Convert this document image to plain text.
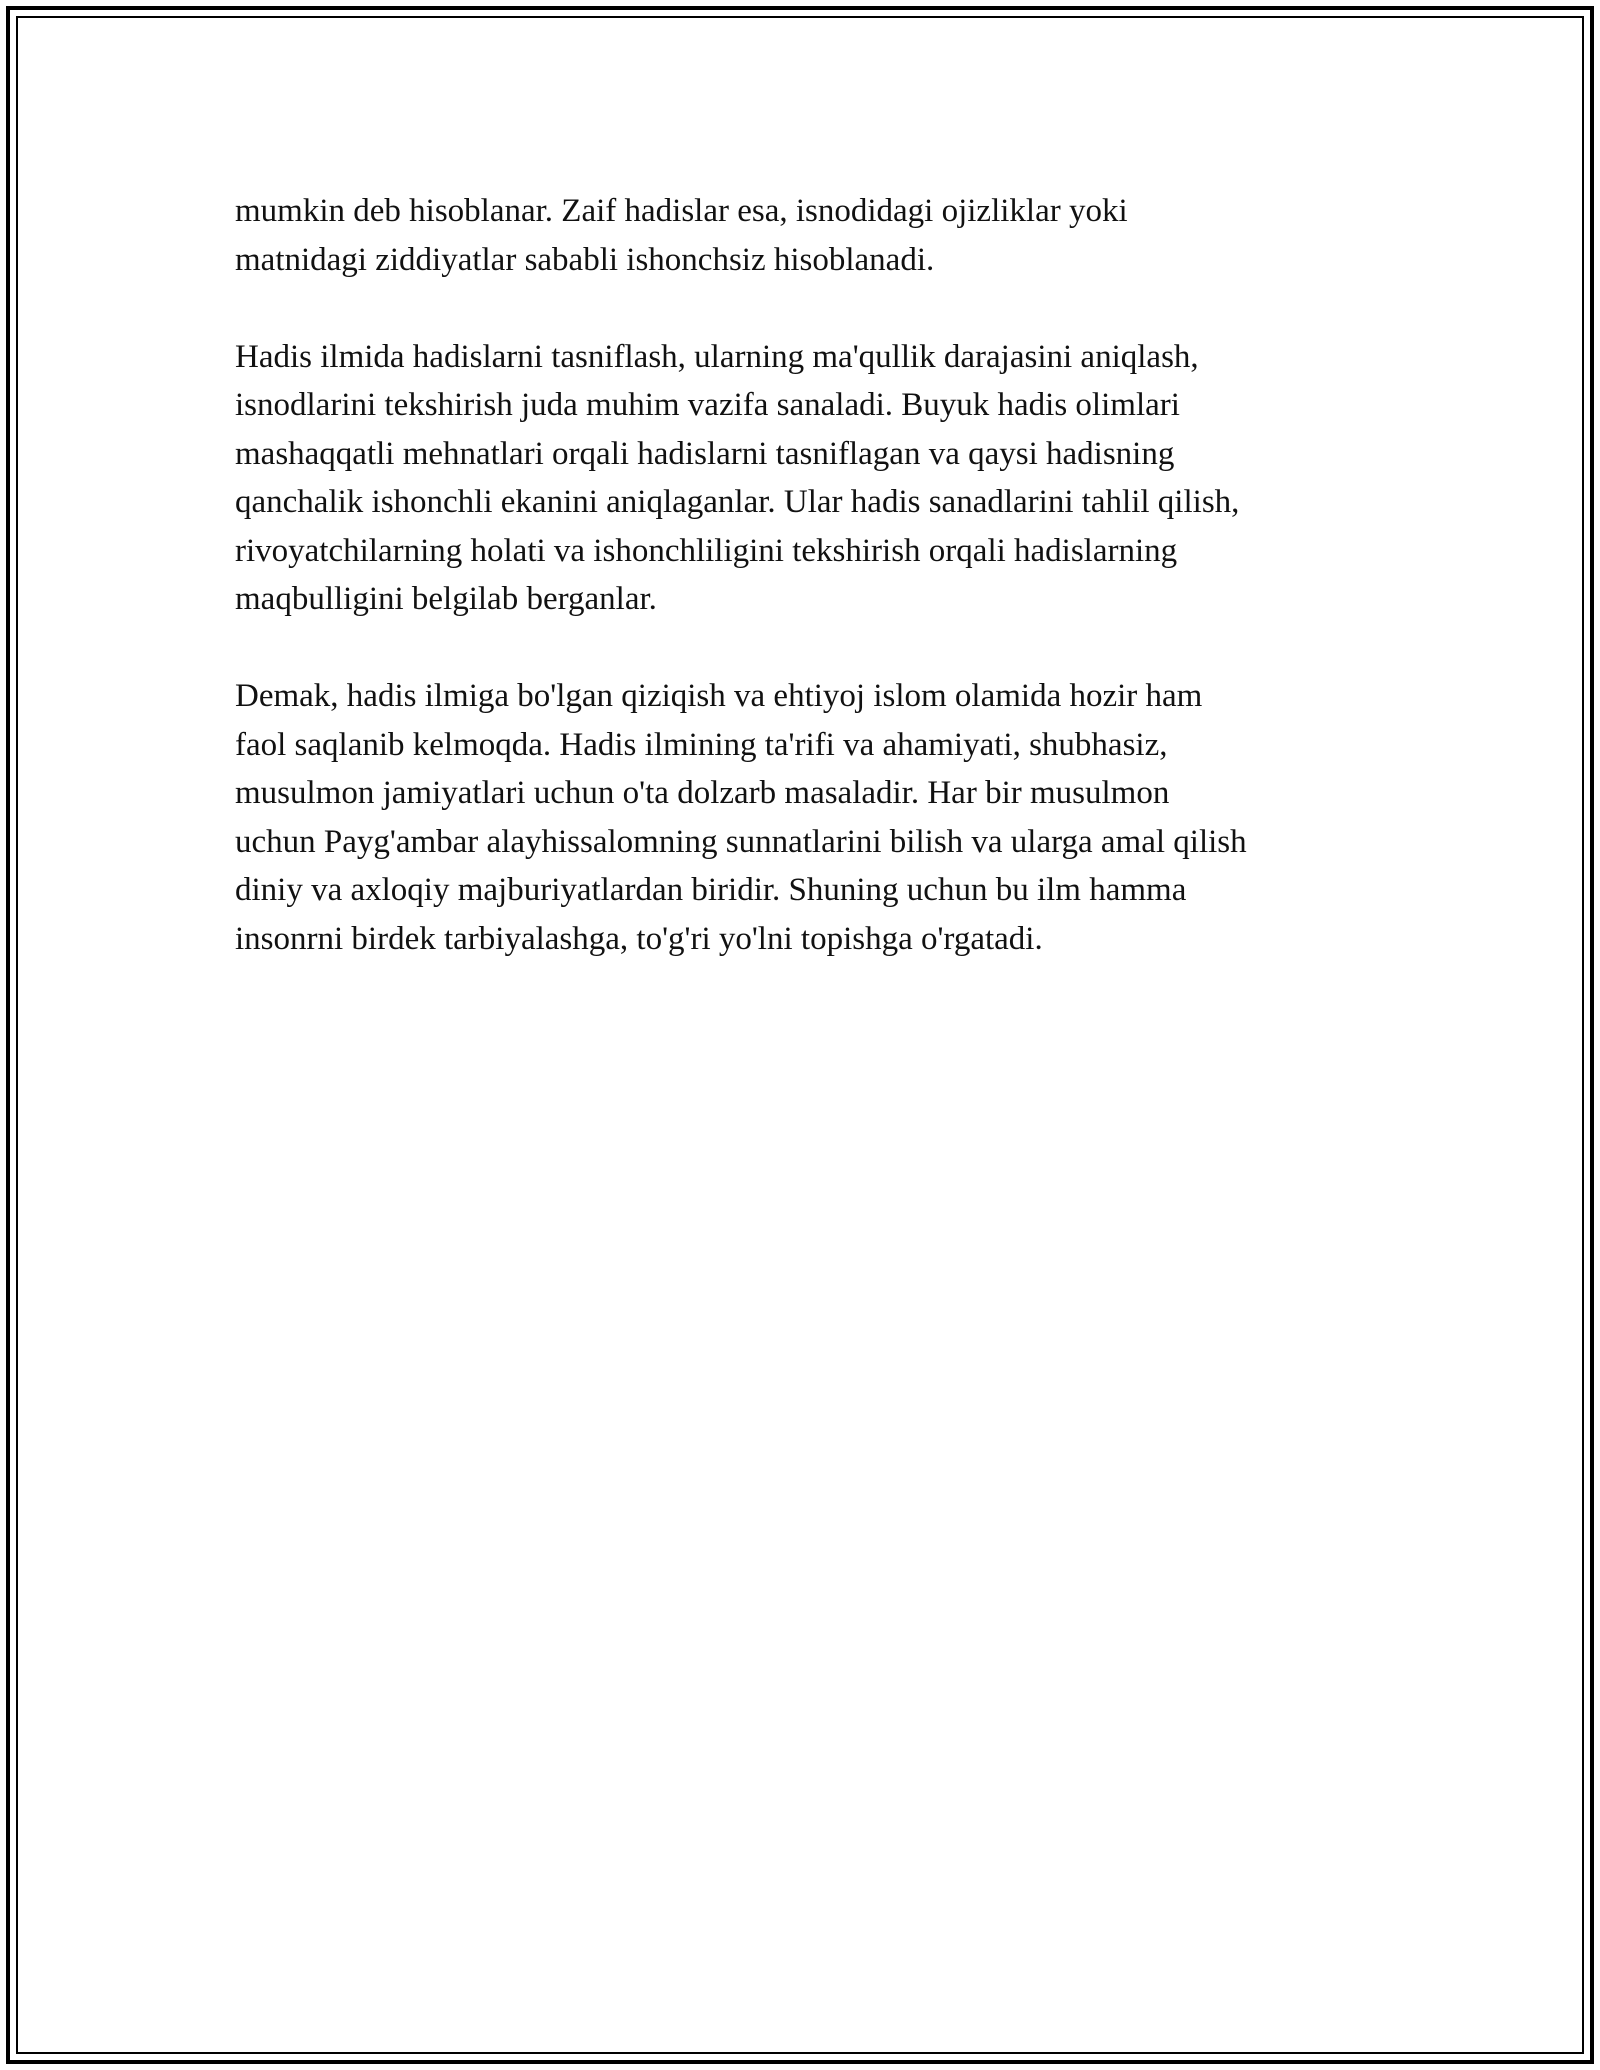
mumkin deb hisoblanar. Zaif hadislar esa, isnodidagi ojizliklar yoki
matnidagi ziddiyatlar sababli ishonchsiz hisoblanadi.

Hadis ilmida hadislarni tasniflash, ularning ma'qullik darajasini aniqlash,
isnodlarini tekshirish juda muhim vazifa sanaladi. Buyuk hadis olimlari
mashaqqatli mehnatlari orqali hadislarni tasniflagan va qaysi hadisning
qanchalik ishonchli ekanini aniqlaganlar. Ular hadis sanadlarini tahlil qilish,
rivoyatchilarning holati va ishonchliligini tekshirish orqali hadislarning
maqbulligini belgilab berganlar.

Demak, hadis ilmiga bo'lgan qiziqish va ehtiyoj islom olamida hozir ham
faol saqlanib kelmoqda. Hadis ilmining ta'rifi va ahamiyati, shubhasiz,
musulmon jamiyatlari uchun o'ta dolzarb masaladir. Har bir musulmon
uchun Payg'ambar alayhissalomning sunnatlarini bilish va ularga amal qilish
diniy va axloqiy majburiyatlardan biridir. Shuning uchun bu ilm hamma
insonrni birdek tarbiyalashga, to'g'ri yo'lni topishga o'rgatadi.
